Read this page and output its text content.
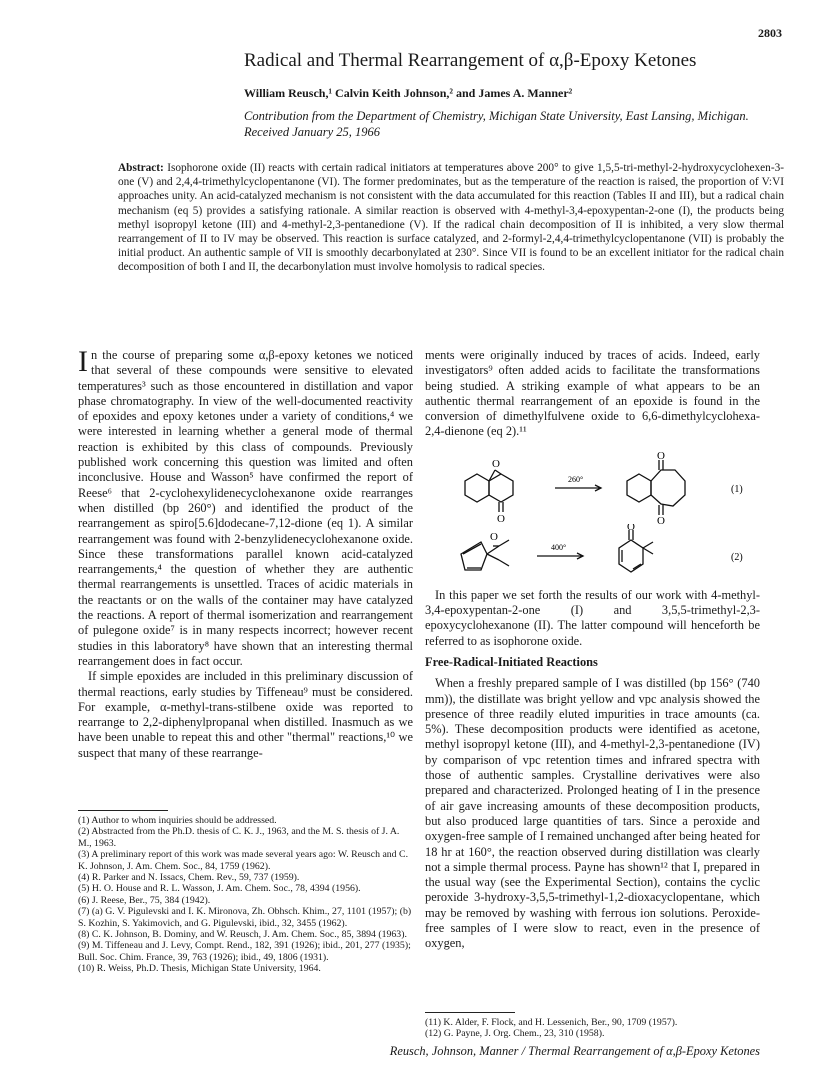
2803
Radical and Thermal Rearrangement of α,β-Epoxy Ketones
William Reusch,¹ Calvin Keith Johnson,² and James A. Manner²
Contribution from the Department of Chemistry, Michigan State University, East Lansing, Michigan. Received January 25, 1966
Abstract: Isophorone oxide (II) reacts with certain radical initiators at temperatures above 200° to give 1,5,5-tri-methyl-2-hydroxycyclohexen-3-one (V) and 2,4,4-trimethylcyclopentanone (VI). The former predominates, but as the temperature of the reaction is raised, the proportion of V:VI approaches unity. An acid-catalyzed mechanism is not consistent with the data accumulated for this reaction (Tables II and III), but a radical chain mechanism (eq 5) provides a satisfying rationale. A similar reaction is observed with 4-methyl-3,4-epoxypentan-2-one (I), the products being methyl isopropyl ketone (III) and 4-methyl-2,3-pentanedione (V). If the radical chain decomposition of II is inhibited, a very slow thermal rearrangement of II to IV may be observed. This reaction is surface catalyzed, and 2-formyl-2,4,4-trimethylcyclopentanone (VII) is probably the initial product. An authentic sample of VII is smoothly decarbonylated at 230°. Since VII is found to be an excellent initiator for the radical chain decomposition of both I and II, the decarbonylation must involve homolysis to radical species.

In the course of preparing some α,β-epoxy ketones we noticed that several of these compounds were sensitive to elevated temperatures³ such as those encountered in distillation and vapor phase chromatography. In view of the well-documented reactivity of epoxides and epoxy ketones under a variety of conditions,⁴ we were interested in learning whether a general mode of thermal reaction is exhibited by this class of compounds. Previously published work concerning this question was limited and often inconclusive. House and Wasson⁵ have confirmed the report of Reese⁶ that 2-cyclohexylidenecyclohexanone oxide rearranges when distilled (bp 260°) and identified the product of the rearrangement as spiro[5.6]dodecane-7,12-dione (eq 1). A similar rearrangement was found with 2-benzylidenecyclohexanone oxide. Since these transformations parallel known acid-catalyzed rearrangements,⁴ the question of whether they are authentic thermal rearrangements is unsettled. Traces of acidic materials in the reactants or on the walls of the container may have catalyzed the reactions. A report of thermal isomerization and rearrangement of pulegone oxide⁷ is in many respects incorrect; however recent studies in this laboratory⁸ have shown that an interesting thermal rearrangement does in fact occur.

If simple epoxides are included in this preliminary discussion of thermal reactions, early studies by Tiffeneau⁹ must be considered. For example, α-methyl-trans-stilbene oxide was reported to rearrange to 2,2-diphenylpropanal when distilled. Inasmuch as we have been unable to repeat this and other "thermal" reactions,¹⁰ we suspect that many of these rearrange-

(1) Author to whom inquiries should be addressed.
(2) Abstracted from the Ph.D. thesis of C. K. J., 1963, and the M. S. thesis of J. A. M., 1963.
(3) A preliminary report of this work was made several years ago: W. Reusch and C. K. Johnson, J. Am. Chem. Soc., 84, 1759 (1962).
(4) R. Parker and N. Issacs, Chem. Rev., 59, 737 (1959).
(5) H. O. House and R. L. Wasson, J. Am. Chem. Soc., 78, 4394 (1956).
(6) J. Reese, Ber., 75, 384 (1942).
(7) (a) G. V. Pigulevski and I. K. Mironova, Zh. Obhsch. Khim., 27, 1101 (1957); (b) S. Kozhin, S. Yakimovich, and G. Pigulevski, ibid., 32, 3455 (1962).
(8) C. K. Johnson, B. Dominy, and W. Reusch, J. Am. Chem. Soc., 85, 3894 (1963).
(9) M. Tiffeneau and J. Levy, Compt. Rend., 182, 391 (1926); ibid., 201, 277 (1935); Bull. Soc. Chim. France, 39, 763 (1926); ibid., 49, 1806 (1931).
(10) R. Weiss, Ph.D. Thesis, Michigan State University, 1964.

ments were originally induced by traces of acids. Indeed, early investigators⁹ often added acids to facilitate the transformations being studied. A striking example of what appears to be an authentic thermal rearrangement of an epoxide is found in the conversion of dimethylfulvene oxide to 6,6-dimethylcyclohexa-2,4-dienone (eq 2).¹¹

O
O
O
O
260°
(1)
O
O
400°
(2)

In this paper we set forth the results of our work with 4-methyl-3,4-epoxypentan-2-one (I) and 3,5,5-trimethyl-2,3-epoxycyclohexanone (II). The latter compound will henceforth be referred to as isophorone oxide.

Free-Radical-Initiated Reactions

When a freshly prepared sample of I was distilled (bp 156° (740 mm)), the distillate was bright yellow and vpc analysis showed the presence of three readily eluted impurities in trace amounts (ca. 5%). These decomposition products were identified as acetone, methyl isopropyl ketone (III), and 4-methyl-2,3-pentanedione (IV) by comparison of vpc retention times and infrared spectra with those of authentic samples. Crystalline derivatives were also prepared and characterized. Prolonged heating of I in the presence of air gave increasing amounts of these decomposition products, but also produced large quantities of tars. Since a peroxide and oxygen-free sample of I remained unchanged after being heated for 18 hr at 160°, the reaction observed during distillation was clearly not a simple thermal process. Payne has shown¹² that I, prepared in the usual way (see the Experimental Section), contains the cyclic peroxide 3-hydroxy-3,5,5-trimethyl-1,2-dioxacyclopentane, which may be removed by washing with ferrous ion solutions. Peroxide-free samples of I were slow to react, even in the presence of oxygen,

(11) K. Alder, F. Flock, and H. Lessenich, Ber., 90, 1709 (1957).
(12) G. Payne, J. Org. Chem., 23, 310 (1958).
Reusch, Johnson, Manner / Thermal Rearrangement of α,β-Epoxy Ketones
